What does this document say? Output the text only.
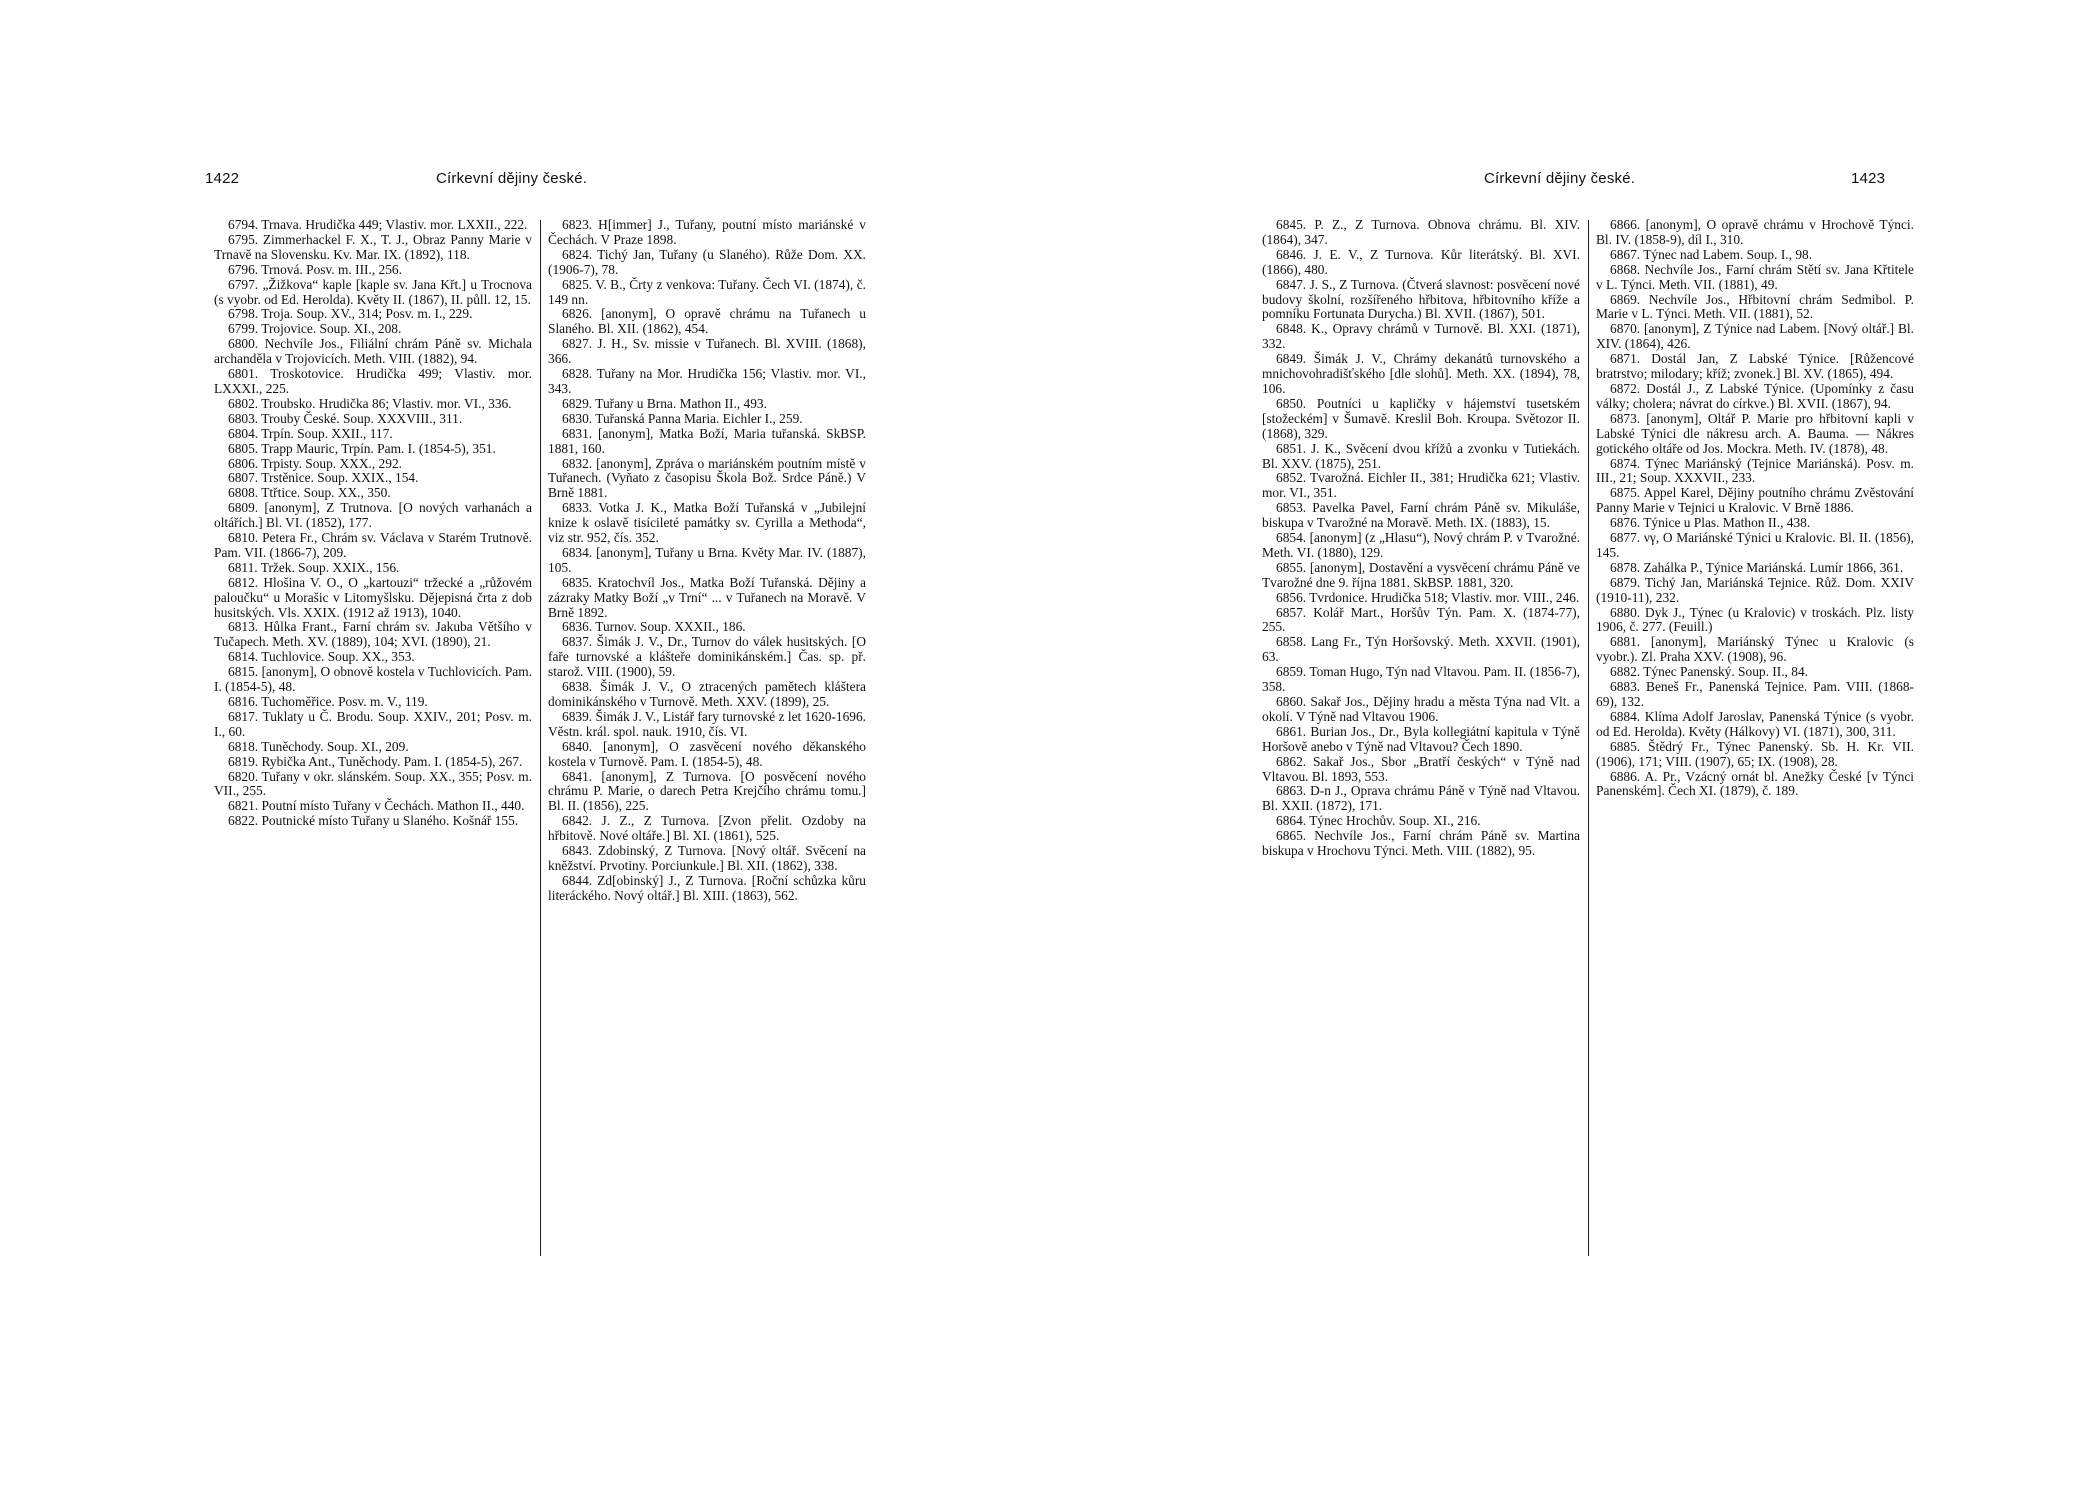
1422	Církevní dějiny české.

6794. Trnava. Hrudička 449; Vlastiv. mor. LXXII., 222.

6795. Zimmerhackel F. X., T. J., Obraz Panny Marie v Trnavě na Slovensku. Kv. Mar. IX. (1892), 118.

6796. Trnová. Posv. m. III., 256.

6797. „Žižkova“ kaple [kaple sv. Jana Křt.] u Trocnova (s vyobr. od Ed. Herolda). Květy II. (1867), II. půll. 12, 15.

6798. Troja. Soup. XV., 314; Posv. m. I., 229.

6799. Trojovice. Soup. XI., 208.

6800. Nechvíle Jos., Filiální chrám Páně sv. Michala archanděla v Trojovicích. Meth. VIII. (1882), 94.

6801. Troskotovice. Hrudička 499; Vlastiv. mor. LXXXI., 225.

6802. Troubsko. Hrudička 86; Vlastiv. mor. VI., 336.

6803. Trouby České. Soup. XXXVIII., 311.

6804. Trpín. Soup. XXII., 117.

6805. Trapp Mauric, Trpín. Pam. I. (1854-5), 351.

6806. Trpisty. Soup. XXX., 292.

6807. Trstěnice. Soup. XXIX., 154.

6808. Ttřtice. Soup. XX., 350.

6809. [anonym], Z Trutnova. [O nových varhanách a oltářích.] Bl. VI. (1852), 177.

6810. Petera Fr., Chrám sv. Václava v Starém Trutnově. Pam. VII. (1866-7), 209.

6811. Tržek. Soup. XXIX., 156.

6812. Hlošina V. O., O „kartouzi“ tržecké a „růžovém paloučku“ u Morašic v Litomyšlsku. Dějepisná črta z dob husitských. Vls. XXIX. (1912 až 1913), 1040.

6813. Hůlka Frant., Farní chrám sv. Jakuba Většího v Tučapech. Meth. XV. (1889), 104; XVI. (1890), 21.

6814. Tuchlovice. Soup. XX., 353.

6815. [anonym], O obnově kostela v Tuchlovicích. Pam. I. (1854-5), 48.

6816. Tuchoměřice. Posv. m. V., 119.

6817. Tuklaty u Č. Brodu. Soup. XXIV., 201; Posv. m. I., 60.

6818. Tuněchody. Soup. XI., 209.

6819. Rybička Ant., Tuněchody. Pam. I. (1854-5), 267.

6820. Tuřany v okr. slánském. Soup. XX., 355; Posv. m. VII., 255.

6821. Poutní místo Tuřany v Čechách. Mathon II., 440.

6822. Poutnické místo Tuřany u Slaného. Košnář 155.

6823. H[immer] J., Tuřany, poutní místo mariánské v Čechách. V Praze 1898.

6824. Tichý Jan, Tuřany (u Slaného). Růže Dom. XX. (1906-7), 78.

6825. V. B., Črty z venkova: Tuřany. Čech VI. (1874), č. 149 nn.

6826. [anonym], O opravě chrámu na Tuřanech u Slaného. Bl. XII. (1862), 454.

6827. J. H., Sv. missie v Tuřanech. Bl. XVIII. (1868), 366.

6828. Tuřany na Mor. Hrudička 156; Vlastiv. mor. VI., 343.

6829. Tuřany u Brna. Mathon II., 493.

6830. Tuřanská Panna Maria. Eichler I., 259.

6831. [anonym], Matka Boží, Maria tuřanská. SkBSP. 1881, 160.

6832. [anonym], Zpráva o mariánském poutním místě v Tuřanech. (Vyňato z časopisu Škola Bož. Srdce Páně.) V Brně 1881.

6833. Votka J. K., Matka Boží Tuřanská v „Jubilejní knize k oslavě tisícileté památky sv. Cyrilla a Methoda“, viz str. 952, čís. 352.

6834. [anonym], Tuřany u Brna. Květy Mar. IV. (1887), 105.

6835. Kratochvíl Jos., Matka Boží Tuřanská. Dějiny a zázraky Matky Boží „v Trní“ ... v Tuřanech na Moravě. V Brně 1892.

6836. Turnov. Soup. XXXII., 186.

6837. Šimák J. V., Dr., Turnov do válek husitských. [O faře turnovské a klášteře dominikánském.] Čas. sp. př. starož. VIII. (1900), 59.

6838. Šimák J. V., O ztracených pamětech kláštera dominikánského v Turnově. Meth. XXV. (1899), 25.

6839. Šimák J. V., Listář fary turnovské z let 1620-1696. Věstn. král. spol. nauk. 1910, čís. VI.

6840. [anonym], O zasvěcení nového děkanského kostela v Turnově. Pam. I. (1854-5), 48.

6841. [anonym], Z Turnova. [O posvěcení nového chrámu P. Marie, o darech Petra Krejčího chrámu tomu.] Bl. II. (1856), 225.

6842. J. Z., Z Turnova. [Zvon přelit. Ozdoby na hřbitově. Nové oltáře.] Bl. XI. (1861), 525.

6843. Zdobinský, Z Turnova. [Nový oltář. Svěcení na kněžství. Prvotiny. Porciunkule.] Bl. XII. (1862), 338.

6844. Zd[obinský] J., Z Turnova. [Roční schůzka kůru literáckého. Nový oltář.] Bl. XIII. (1863), 562.

Církevní dějiny české.	1423

6845. P. Z., Z Turnova. Obnova chrámu. Bl. XIV. (1864), 347.

6846. J. E. V., Z Turnova. Kůr literátský. Bl. XVI. (1866), 480.

6847. J. S., Z Turnova. (Čtverá slavnost: posvěcení nové budovy školní, rozšířeného hřbitova, hřbitovního kříže a pomníku Fortunata Durycha.) Bl. XVII. (1867), 501.

6848. K., Opravy chrámů v Turnově. Bl. XXI. (1871), 332.

6849. Šimák J. V., Chrámy dekanátů turnovského a mnichovohradišťského [dle slohů]. Meth. XX. (1894), 78, 106.

6850. Poutníci u kapličky v hájemství tusetském [stožeckém] v Šumavě. Kreslil Boh. Kroupa. Světozor II. (1868), 329.

6851. J. K., Svěcení dvou křížů a zvonku v Tutiekách. Bl. XXV. (1875), 251.

6852. Tvarožná. Eichler II., 381; Hrudička 621; Vlastiv. mor. VI., 351.

6853. Pavelka Pavel, Farní chrám Páně sv. Mikuláše, biskupa v Tvarožné na Moravě. Meth. IX. (1883), 15.

6854. [anonym] (z „Hlasu“), Nový chrám P. v Tvarožné. Meth. VI. (1880), 129.

6855. [anonym], Dostavění a vysvěcení chrámu Páně ve Tvarožné dne 9. října 1881. SkBSP. 1881, 320.

6856. Tvrdonice. Hrudička 518; Vlastiv. mor. VIII., 246.

6857. Kolář Mart., Horšův Týn. Pam. X. (1874-77), 255.

6858. Lang Fr., Týn Horšovský. Meth. XXVII. (1901), 63.

6859. Toman Hugo, Týn nad Vltavou. Pam. II. (1856-7), 358.

6860. Sakař Jos., Dějiny hradu a města Týna nad Vlt. a okolí. V Týně nad Vltavou 1906.

6861. Burian Jos., Dr., Byla kollegiátní kapitula v Týně Horšově anebo v Týně nad Vltavou? Čech 1890.

6862. Sakař Jos., Sbor „Bratří českých“ v Týně nad Vltavou. Bl. 1893, 553.

6863. D-n J., Oprava chrámu Páně v Týně nad Vltavou. Bl. XXII. (1872), 171.

6864. Týnec Hrochův. Soup. XI., 216.

6865. Nechvíle Jos., Farní chrám Páně sv. Martina biskupa v Hrochovu Týnci. Meth. VIII. (1882), 95.

6866. [anonym], O opravě chrámu v Hrochově Týnci. Bl. IV. (1858-9), díl I., 310.

6867. Týnec nad Labem. Soup. I., 98.

6868. Nechvíle Jos., Farní chrám Stětí sv. Jana Křtitele v L. Týnci. Meth. VII. (1881), 49.

6869. Nechvíle Jos., Hřbitovní chrám Sedmibol. P. Marie v L. Týnci. Meth. VII. (1881), 52.

6870. [anonym], Z Týnice nad Labem. [Nový oltář.] Bl. XIV. (1864), 426.

6871. Dostál Jan, Z Labské Týnice. [Růžencové bratrstvo; milodary; kříž; zvonek.] Bl. XV. (1865), 494.

6872. Dostál J., Z Labské Týnice. (Upomínky z času války; cholera; návrat do církve.) Bl. XVII. (1867), 94.

6873. [anonym], Oltář P. Marie pro hřbitovní kapli v Labské Týnici dle nákresu arch. A. Bauma. — Nákres gotického oltáře od Jos. Mockra. Meth. IV. (1878), 48.

6874. Týnec Mariánský (Tejnice Mariánská). Posv. m. III., 21; Soup. XXXVII., 233.

6875. Appel Karel, Dějiny poutního chrámu Zvěstování Panny Marie v Tejnici u Kralovic. V Brně 1886.

6876. Týnice u Plas. Mathon II., 438.

6877. νγ, O Mariánské Týnici u Kralovic. Bl. II. (1856), 145.

6878. Zahálka P., Týnice Mariánská. Lumír 1866, 361.

6879. Tichý Jan, Mariánská Tejnice. Růž. Dom. XXIV (1910-11), 232.

6880. Dyk J., Týnec (u Kralovic) v troskách. Plz. listy 1906, č. 277. (Feuill.)

6881. [anonym], Mariánský Týnec u Kralovic (s vyobr.). Zl. Praha XXV. (1908), 96.

6882. Týnec Panenský. Soup. II., 84.

6883. Beneš Fr., Panenská Tejnice. Pam. VIII. (1868-69), 132.

6884. Klíma Adolf Jaroslav, Panenská Týnice (s vyobr. od Ed. Herolda). Květy (Hálkovy) VI. (1871), 300, 311.

6885. Štědrý Fr., Týnec Panenský. Sb. H. Kr. VII. (1906), 171; VIII. (1907), 65; IX. (1908), 28.

6886. A. Pr., Vzácný ornát bl. Anežky České [v Týnci Panenském]. Čech XI. (1879), č. 189.
